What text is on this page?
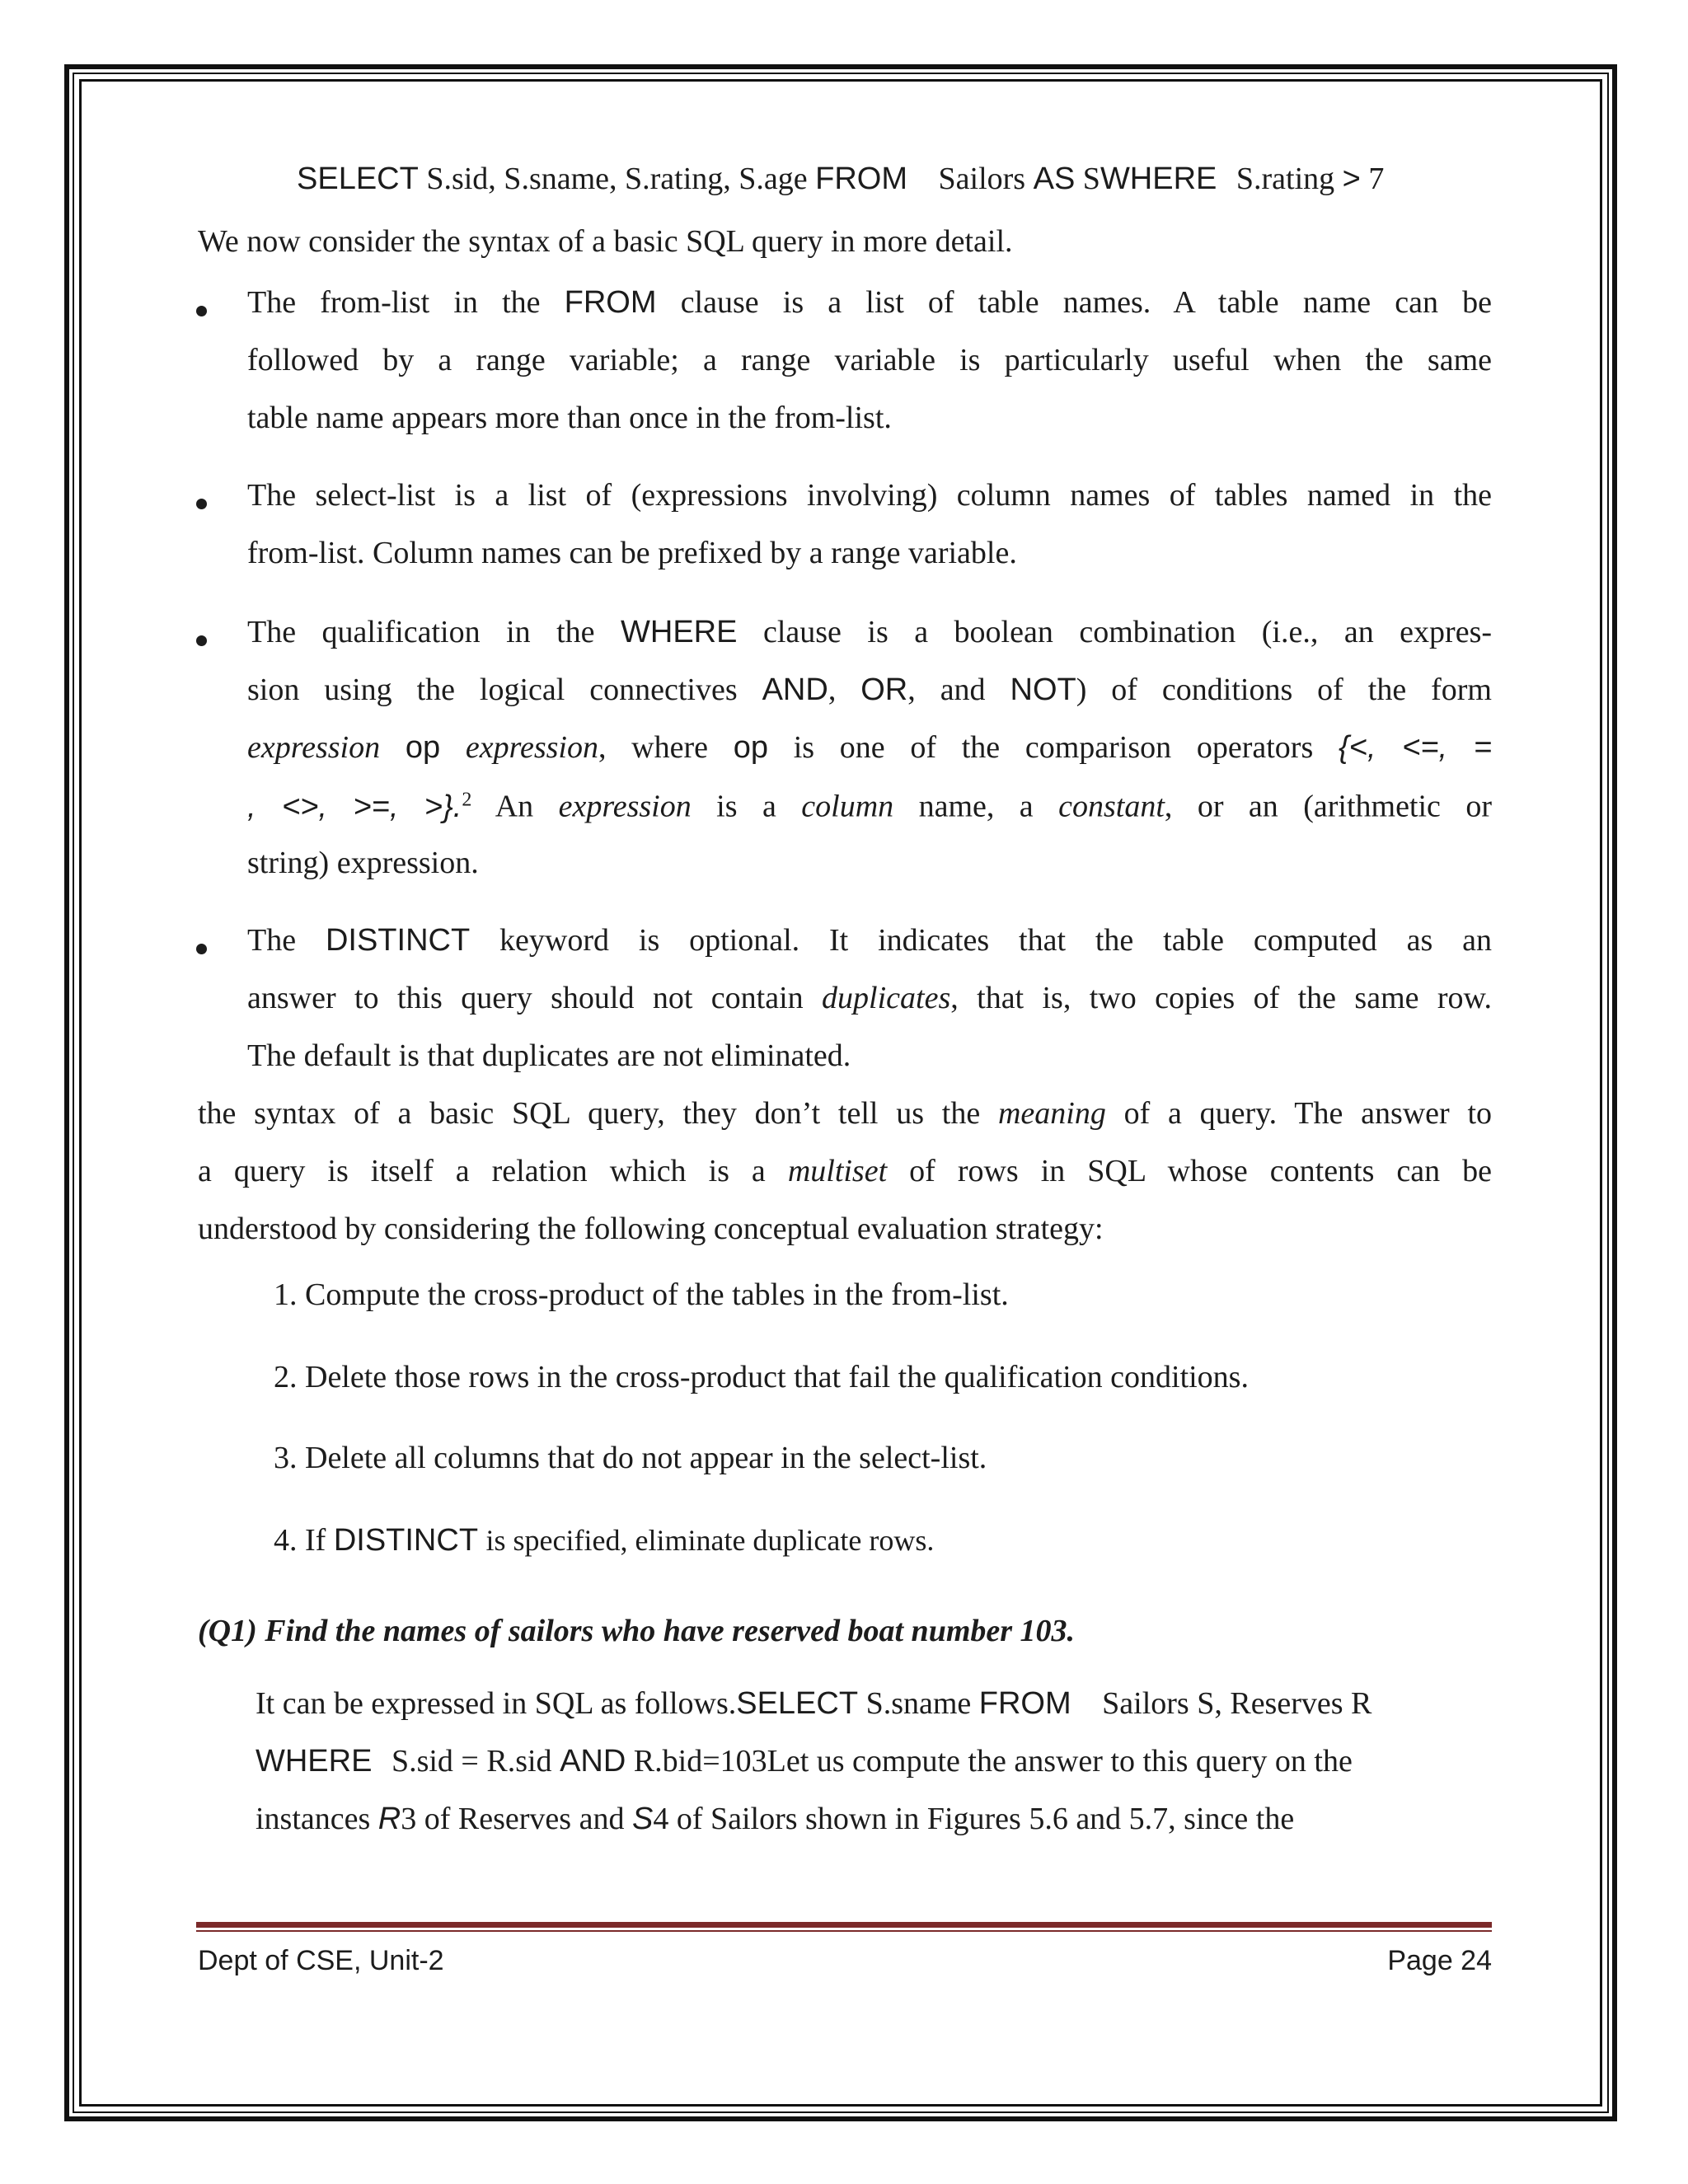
SELECT S.sid, S.sname, S.rating, S.age FROM Sailors AS SWHERE S.rating > 7
We now consider the syntax of a basic SQL query in more detail.
The from-list in the FROM clause is a list of table names. A table name can be
followed by a range variable; a range variable is particularly useful when the same
table name appears more than once in the from-list.
The select-list is a list of (expressions involving) column names of tables named in the
from-list. Column names can be prefixed by a range variable.
The qualification in the WHERE clause is a boolean combination (i.e., an expres-
sion using the logical connectives AND, OR, and NOT) of conditions of the form
expression op expression, where op is one of the comparison operators {<, <=, =
, <>, >=, >}.$^2$ An expression is a column name, a constant, or an (arithmetic or
string) expression.
The DISTINCT keyword is optional. It indicates that the table computed as an
answer to this query should not contain duplicates, that is, two copies of the same row.
The default is that duplicates are not eliminated.
the syntax of a basic SQL query, they don’t tell us the meaning of a query. The answer to
a query is itself a relation which is a multiset of rows in SQL whose contents can be
understood by considering the following conceptual evaluation strategy:
1. Compute the cross-product of the tables in the from-list.
2. Delete those rows in the cross-product that fail the qualification conditions.
3. Delete all columns that do not appear in the select-list.
4. If DISTINCT is specified, eliminate duplicate rows.
(Q1) Find the names of sailors who have reserved boat number 103.
It can be expressed in SQL as follows.SELECT S.sname FROM Sailors S, Reserves R
WHERE S.sid = R.sid AND R.bid=103Let us compute the answer to this query on the
instances R3 of Reserves and S4 of Sailors shown in Figures 5.6 and 5.7, since the
Dept of CSE, Unit-2	Page 24
